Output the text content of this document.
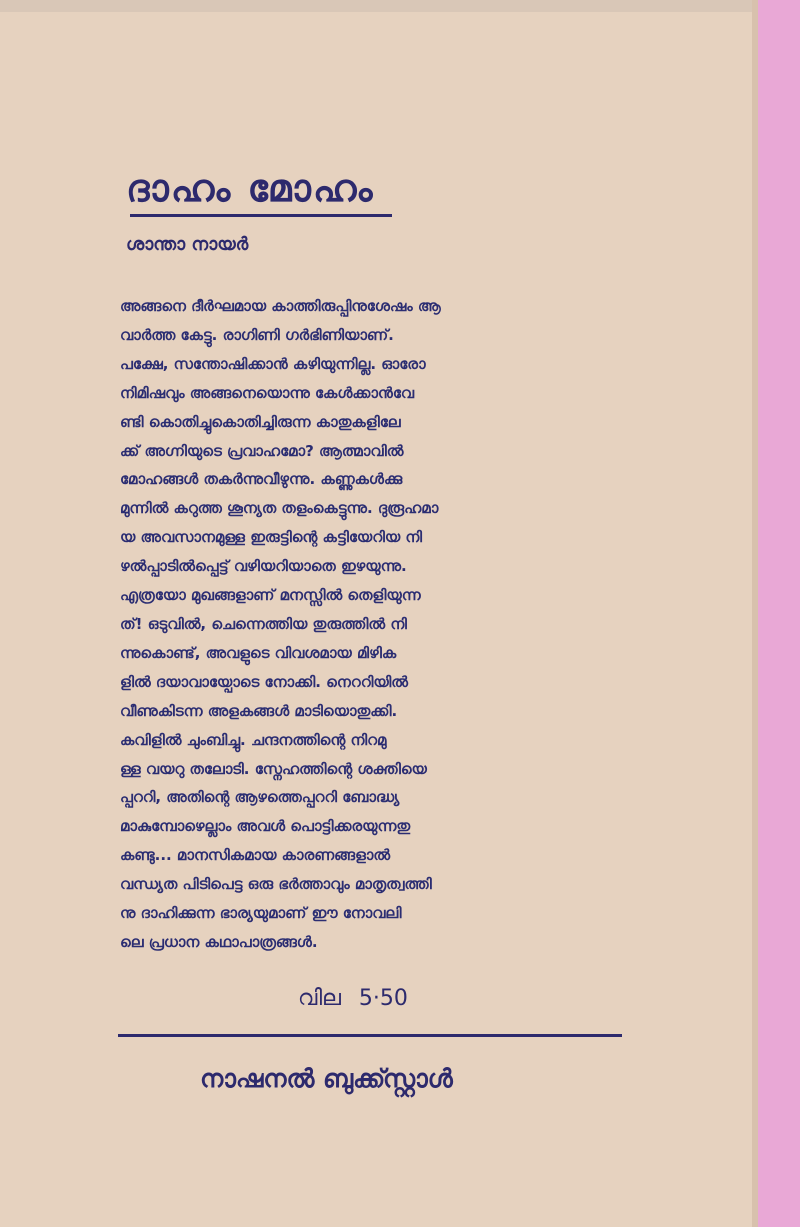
ദാഹം മോഹം
ശാന്താ നായർ

അങ്ങനെ ദീർഘമായ കാത്തിരുപ്പിനുശേഷം ആ
വാർത്ത കേട്ടു. രാഗിണി ഗർഭിണിയാണ്.
പക്ഷേ, സന്തോഷിക്കാൻ കഴിയുന്നില്ല. ഓരോ
നിമിഷവും അങ്ങനെയൊന്നു കേൾക്കാൻവേ
ണ്ടി കൊതിച്ചുകൊതിച്ചിരുന്ന കാതുകളിലേ
ക്ക് അഗ്നിയുടെ പ്രവാഹമോ? ആത്മാവിൽ
മോഹങ്ങൾ തകർന്നുവീഴുന്നു. കണ്ണുകൾക്കു
മുന്നിൽ കറുത്ത ശൂന്യത തളംകെട്ടുന്നു. ദുരൂഹമാ
യ അവസാനമുള്ള ഇരുട്ടിന്റെ കട്ടിയേറിയ നി
ഴൽപ്പാടിൽപ്പെട്ട് വഴിയറിയാതെ ഇഴയുന്നു.
എത്രയോ മുഖങ്ങളാണ് മനസ്സിൽ തെളിയുന്ന
ത്! ഒടുവിൽ, ചെന്നെത്തിയ തുരുത്തിൽ നി
ന്നുകൊണ്ട്, അവളുടെ വിവശമായ മിഴിക
ളിൽ ദയാവായ്പോടെ നോക്കി. നെററിയിൽ
വീണുകിടന്ന അളകങ്ങൾ മാടിയൊതുക്കി.
കവിളിൽ ചുംബിച്ചു. ചന്ദനത്തിന്റെ നിറമു
ള്ള വയറു തലോടി. സ്നേഹത്തിന്റെ ശക്തിയെ
പ്പററി, അതിന്റെ ആഴത്തെപ്പററി ബോദ്ധ്യ
മാകുമ്പോഴെല്ലാം അവൾ പൊട്ടിക്കരയുന്നതു
കണ്ടു... മാനസികമായ കാരണങ്ങളാൽ
വന്ധ്യത പിടിപെട്ട ഒരു ഭർത്താവും മാതൃത്വത്തി
നു ദാഹിക്കുന്ന ഭാര്യയുമാണ് ഈ നോവലി
ലെ പ്രധാന കഥാപാത്രങ്ങൾ.

വില 5·50
നാഷനൽ ബുക്ക്സ്റ്റാൾ
